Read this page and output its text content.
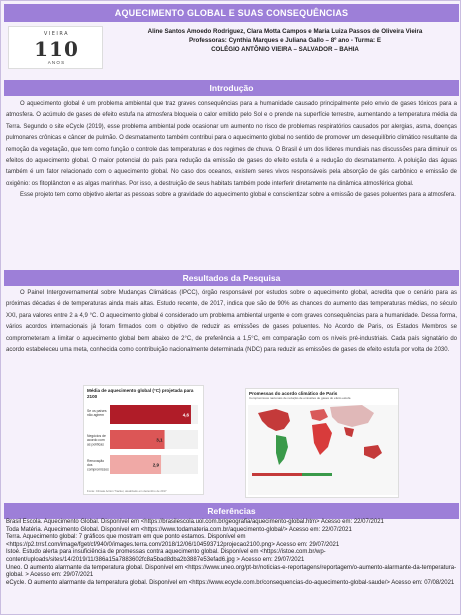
AQUECIMENTO GLOBAL E SUAS CONSEQUÊNCIAS
VIEIRA
110
ANOS
Aline Santos Amoedo Rodriguez, Clara Motta Campos e Maria Luiza Passos de Oliveira Vieira
Professoras: Cynthia Marques e Juliana Gallo – 8º ano - Turma: E
COLÉGIO ANTÔNIO VIEIRA – SALVADOR – BAHIA
Introdução

O aquecimento global é um problema ambiental que traz graves consequências para a humanidade causado principalmente pelo envio de gases tóxicos para a atmosfera. O acúmulo de gases de efeito estufa na atmosfera bloqueia o calor emitido pelo Sol e o prende na superfície terrestre, aumentando a temperatura média da Terra. Segundo o site eCycle (2019), esse problema ambiental pode ocasionar um aumento no risco de problemas respiratórios causados por alergias, asma, doenças pulmonares crônicas e câncer de pulmão. O desmatamento também contribui para o aquecimento global no sentido de promover um desequilíbrio climático resultante da remoção da vegetação, que tem como função o controle das temperaturas e dos regimes de chuva. O Brasil é um dos líderes mundiais nas discussões para diminuir os efeitos do aquecimento global. O maior potencial do país para redução da emissão de gases do efeito estufa é a redução do desmatamento. A poluição das águas também é um fator relacionado com o aquecimento global. No caso dos oceanos, existem seres vivos responsáveis pela absorção de gás carbônico e emissão de oxigênio: os fitoplâncton e as algas marinhas. Por isso, a destruição de seus habitats também pode interferir diretamente na dinâmica atmosférica global.

Esse projeto tem como objetivo alertar as pessoas sobre a gravidade do aquecimento global e conscientizar sobre a emissão de gases poluentes para a atmosfera.

Resultados da Pesquisa

O Painel Intergovernamental sobre Mudanças Climáticas (IPCC), órgão responsável por estudos sobre o aquecimento global, acredita que o cenário para as próximas décadas é de temperaturas ainda mais altas. Estudo recente, de 2017, indica que são de 90% as chances do aumento das temperaturas médias, no século XXI, para valores entre 2 a 4,9 °C. O aquecimento global é considerado um problema ambiental urgente e com graves consequências para a humanidade. Dessa forma, vários acordos internacionais já foram firmados com o objetivo de reduzir as emissões de gases poluentes. No Acordo de Paris, os Estados Membros se comprometeram a limitar o aquecimento global bem abaixo de 2°C, de preferência a 1,5°C, em comparação com os níveis pré-industriais. Cada país signatário do acordo estabeleceu uma meta, conhecida como contribuição nacionalmente determinada (NDC) para reduzir as emissões de gases de efeito estufa por volta de 2030.

Média de aquecimento global (°C) projetada para 2100
Se os países não agirem	4,6
Negócios de acordo com as políticas
3,1
Renovação dos compromissos
2,9
Fonte: Climate Action Tracker, atualizado em dezembro de 2017
Promessas do acordo climático de Paris
Compromissos nacionais de redução de emissões de gases do efeito estufa
Referências
Brasil Escola. Aquecimento Global. Disponível em <https://brasilescola.uol.com.br/geografia/aquecimento-global.htm> Acesso em: 22/07/2021
Toda Matéria. Aquecimento Global. Disponível em <https://www.todamateria.com.br/aquecimento-global/> Acesso em: 22/07/2021
Terra. Aquecimento global: 7 gráficos que mostram em que ponto estamos. Disponível em <https://p2.trrsf.com/image/fget/cf/940/0/images.terra.com/2018/12/06/104593712projecao2100.png> Acesso em: 29/07/2021
Istoé. Estudo alerta para insuficiência de promessas contra aquecimento global. Disponível em <https://istoe.com.br/wp-content/uploads/sites/14/2019/11/386a15a7883602fc8a5bad8dba2b3887e53efad6.jpg > Acesso em: 29/07/2021
Uneo. O aumento alarmante da temperatura global. Disponível em <https://www.uneo.org/pt-br/noticias-e-reportagens/reportagem/o-aumento-alarmante-da-temperatura-global. > Acesso em: 29/07/2021
eCycle. O aumento alarmante da temperatura global. Disponível em <https://www.ecycle.com.br/consequencias-do-aquecimento-global-saude/> Acesso em: 07/08/2021
